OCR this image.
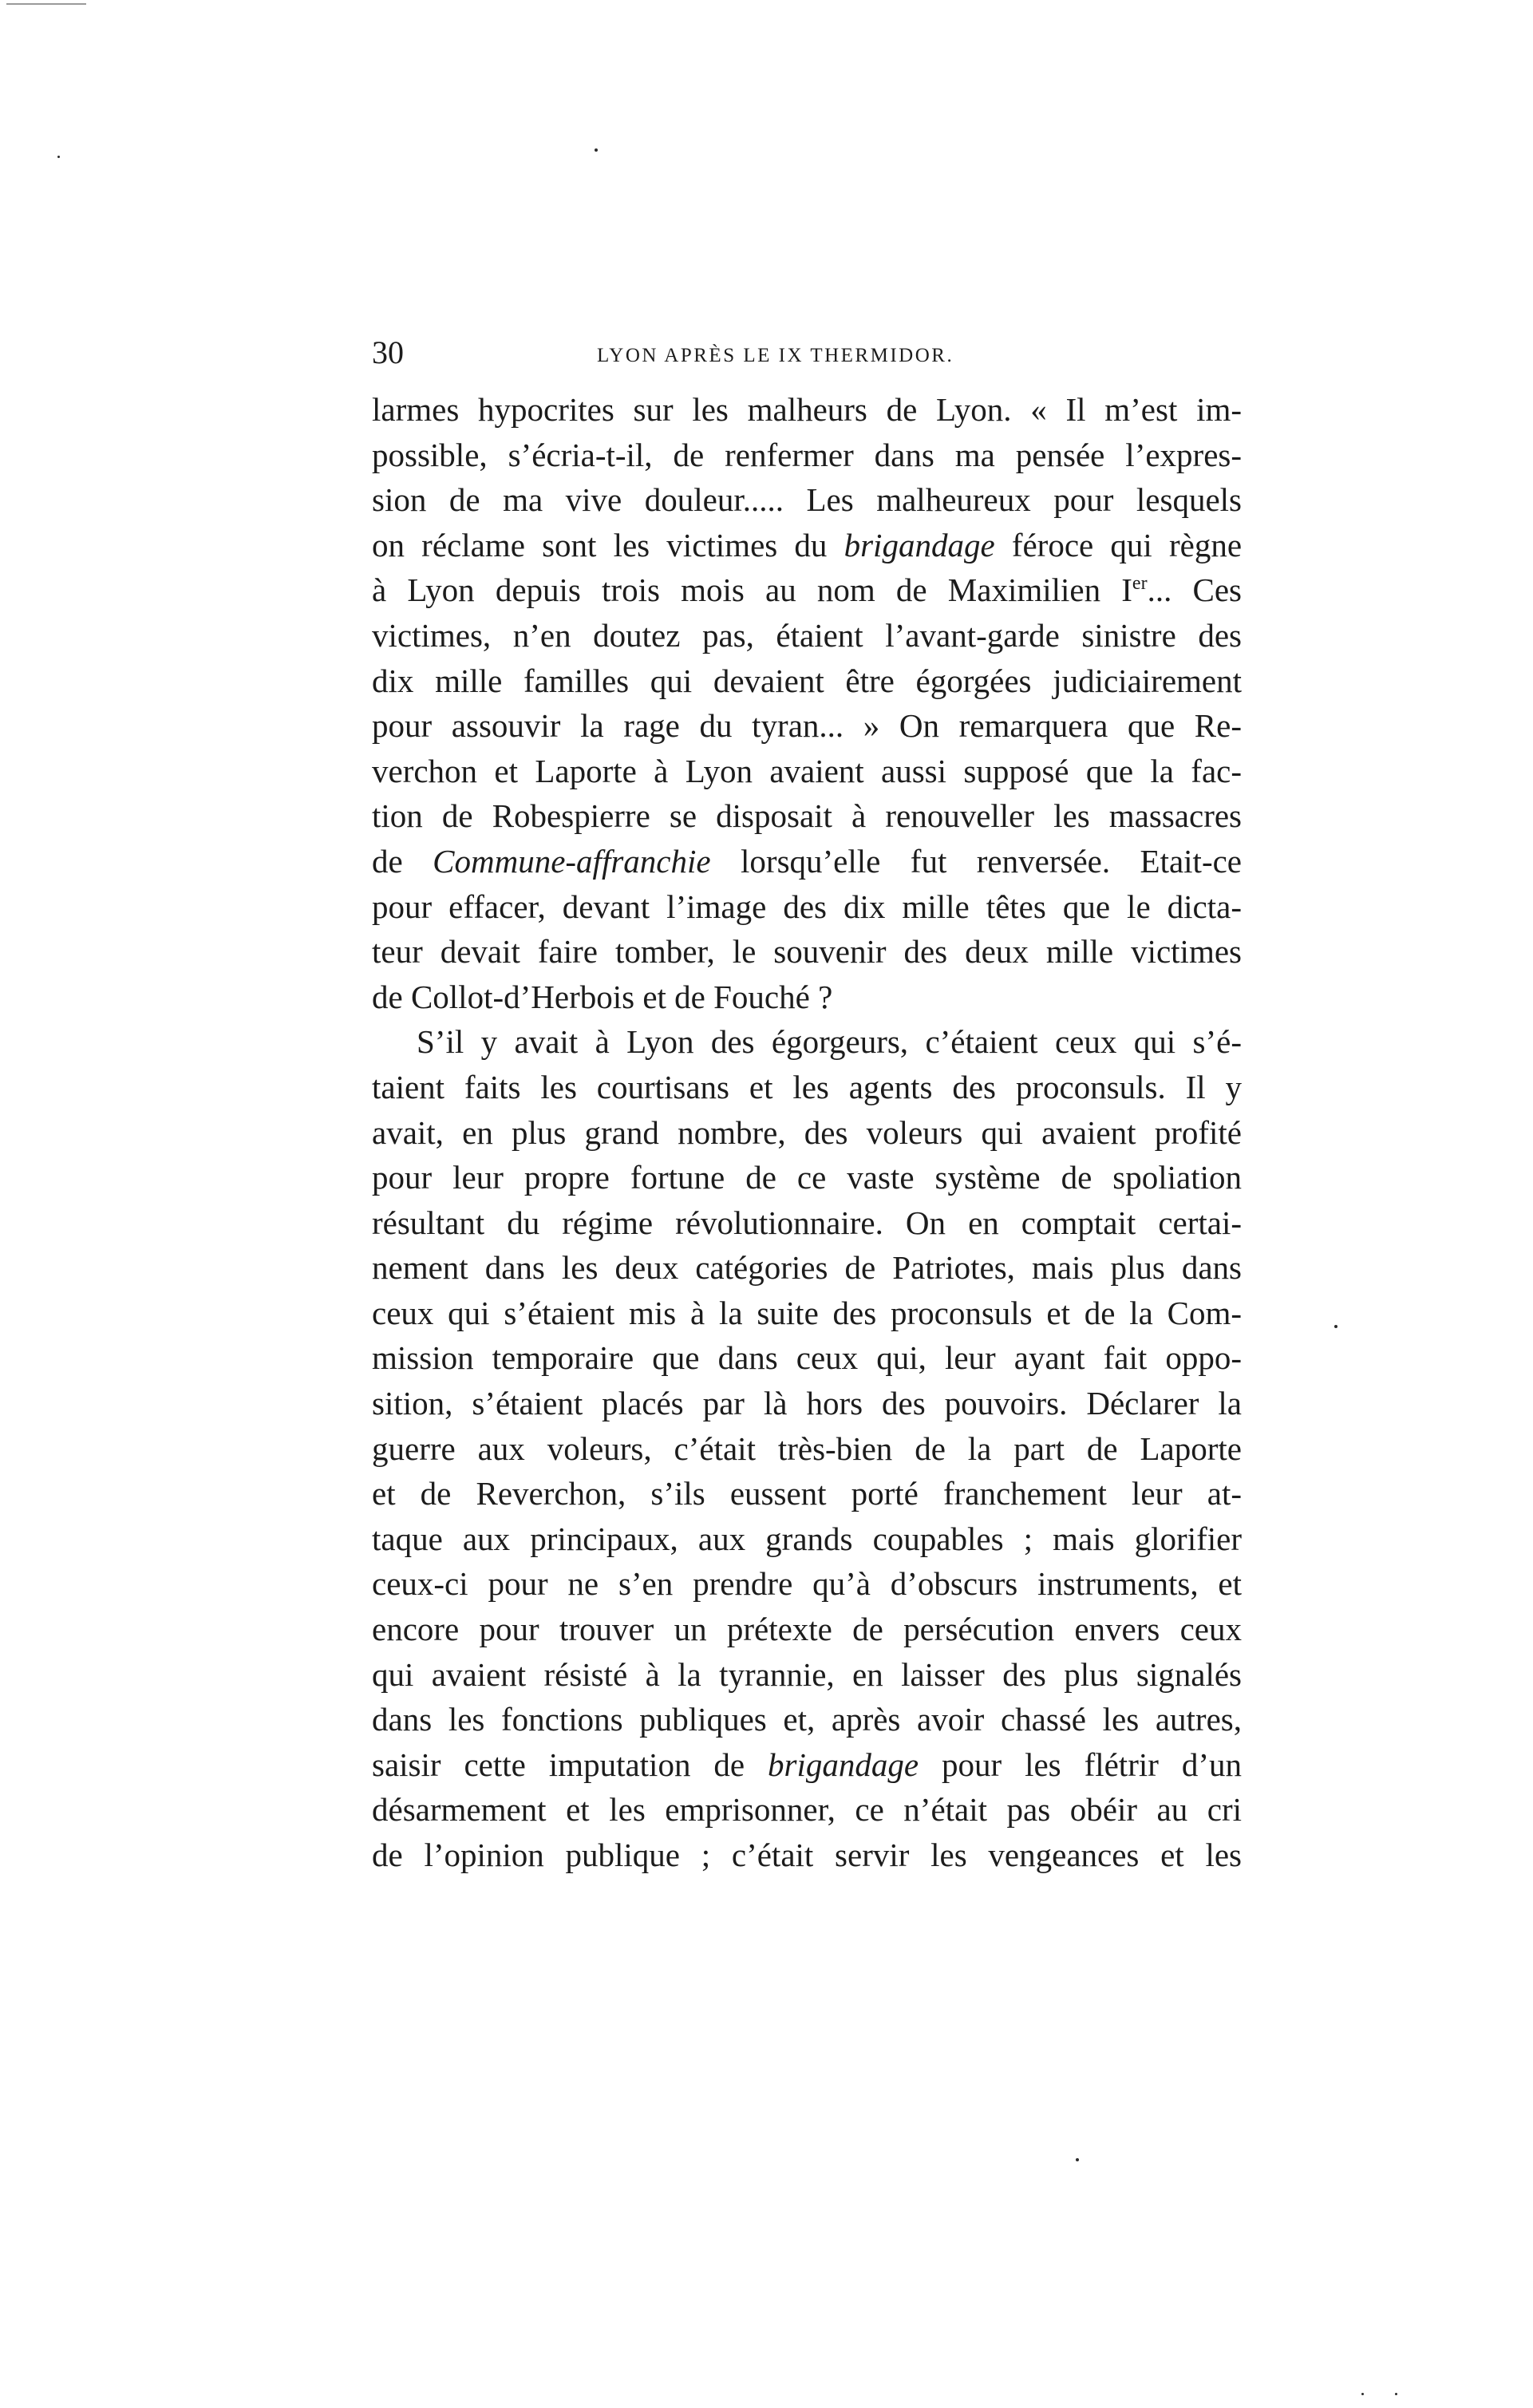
30	LYON APRÈS LE IX THERMIDOR.
larmes hypocrites sur les malheurs de Lyon. « Il m’est im-
possible, s’écria-t-il, de renfermer dans ma pensée l’expres-
sion de ma vive douleur..... Les malheureux pour lesquels
on réclame sont les victimes du brigandage féroce qui règne
à Lyon depuis trois mois au nom de Maximilien Ier... Ces
victimes, n’en doutez pas, étaient l’avant-garde sinistre des
dix mille familles qui devaient être égorgées judiciairement
pour assouvir la rage du tyran... » On remarquera que Re-
verchon et Laporte à Lyon avaient aussi supposé que la fac-
tion de Robespierre se disposait à renouveller les massacres
de Commune-affranchie lorsqu’elle fut renversée. Etait-ce
pour effacer, devant l’image des dix mille têtes que le dicta-
teur devait faire tomber, le souvenir des deux mille victimes
de Collot-d’Herbois et de Fouché ?
S’il y avait à Lyon des égorgeurs, c’étaient ceux qui s’é-
taient faits les courtisans et les agents des proconsuls. Il y
avait, en plus grand nombre, des voleurs qui avaient profité
pour leur propre fortune de ce vaste système de spoliation
résultant du régime révolutionnaire. On en comptait certai-
nement dans les deux catégories de Patriotes, mais plus dans
ceux qui s’étaient mis à la suite des proconsuls et de la Com-
mission temporaire que dans ceux qui, leur ayant fait oppo-
sition, s’étaient placés par là hors des pouvoirs. Déclarer la
guerre aux voleurs, c’était très-bien de la part de Laporte
et de Reverchon, s’ils eussent porté franchement leur at-
taque aux principaux, aux grands coupables ; mais glorifier
ceux-ci pour ne s’en prendre qu’à d’obscurs instruments, et
encore pour trouver un prétexte de persécution envers ceux
qui avaient résisté à la tyrannie, en laisser des plus signalés
dans les fonctions publiques et, après avoir chassé les autres,
saisir cette imputation de brigandage pour les flétrir d’un
désarmement et les emprisonner, ce n’était pas obéir au cri
de l’opinion publique ; c’était servir les vengeances et les
